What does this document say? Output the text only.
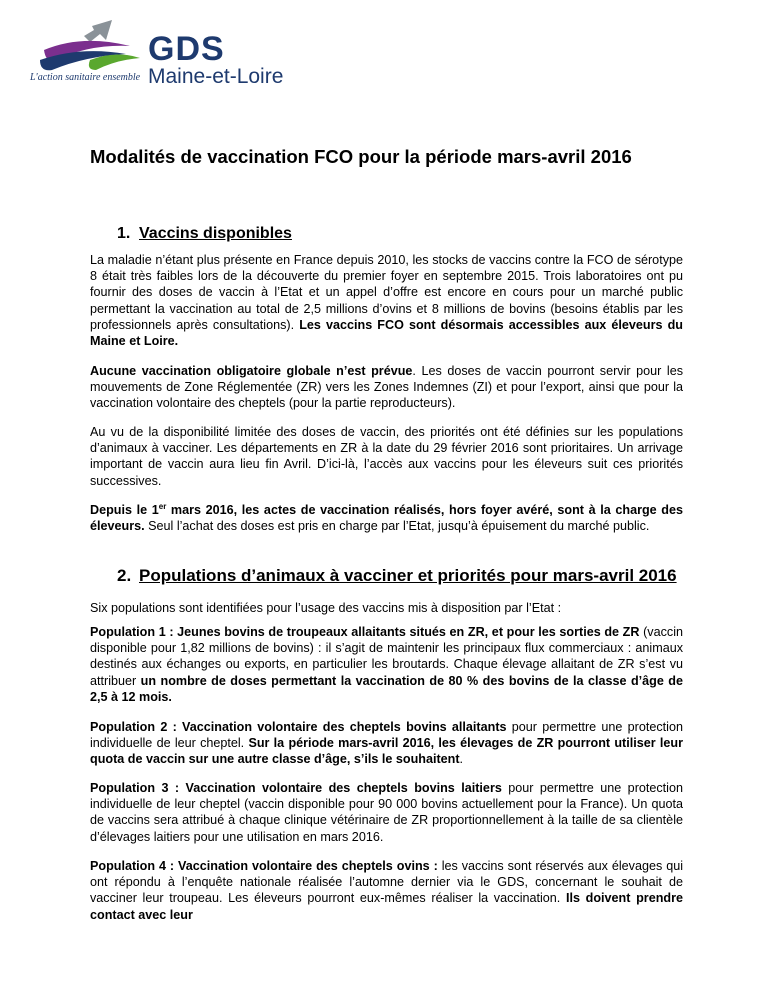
GDS
Maine-et-Loire
L'action sanitaire ensemble
Modalités de vaccination FCO pour la période mars-avril 2016
1. Vaccins disponibles

La maladie n’étant plus présente en France depuis 2010, les stocks de vaccins contre la FCO de sérotype 8 était très faibles lors de la découverte du premier foyer en septembre 2015. Trois laboratoires ont pu fournir des doses de vaccin à l’Etat et un appel d’offre est encore en cours pour un marché public permettant la vaccination au total de 2,5 millions d’ovins et 8 millions de bovins (besoins établis par les professionnels après consultations). Les vaccins FCO sont désormais accessibles aux éleveurs du Maine et Loire.

Aucune vaccination obligatoire globale n’est prévue. Les doses de vaccin pourront servir pour les mouvements de Zone Réglementée (ZR) vers les Zones Indemnes (ZI) et pour l’export, ainsi que pour la vaccination volontaire des cheptels (pour la partie reproducteurs).

Au vu de la disponibilité limitée des doses de vaccin, des priorités ont été définies sur les populations d’animaux à vacciner. Les départements en ZR à la date du 29 février 2016 sont prioritaires. Un arrivage important de vaccin aura lieu fin Avril. D’ici-là, l’accès aux vaccins pour les éleveurs suit ces priorités successives.

Depuis le 1er mars 2016, les actes de vaccination réalisés, hors foyer avéré, sont à la charge des éleveurs. Seul l’achat des doses est pris en charge par l’Etat, jusqu’à épuisement du marché public.

2. Populations d’animaux à vacciner et priorités pour mars-avril 2016

Six populations sont identifiées pour l’usage des vaccins mis à disposition par l’Etat :

Population 1 : Jeunes bovins de troupeaux allaitants situés en ZR, et pour les sorties de ZR (vaccin disponible pour 1,82 millions de bovins) : il s’agit de maintenir les principaux flux commerciaux : animaux destinés aux échanges ou exports, en particulier les broutards. Chaque élevage allaitant de ZR s’est vu attribuer un nombre de doses permettant la vaccination de 80 % des bovins de la classe d’âge de 2,5 à 12 mois.

Population 2 : Vaccination volontaire des cheptels bovins allaitants pour permettre une protection individuelle de leur cheptel. Sur la période mars-avril 2016, les élevages de ZR pourront utiliser leur quota de vaccin sur une autre classe d’âge, s’ils le souhaitent.

Population 3 : Vaccination volontaire des cheptels bovins laitiers pour permettre une protection individuelle de leur cheptel (vaccin disponible pour 90 000 bovins actuellement pour la France). Un quota de vaccins sera attribué à chaque clinique vétérinaire de ZR proportionnellement à la taille de sa clientèle d’élevages laitiers pour une utilisation en mars 2016.

Population 4 : Vaccination volontaire des cheptels ovins : les vaccins sont réservés aux élevages qui ont répondu à l’enquête nationale réalisée l’automne dernier via le GDS, concernant le souhait de vacciner leur troupeau. Les éleveurs pourront eux-mêmes réaliser la vaccination. Ils doivent prendre contact avec leur
